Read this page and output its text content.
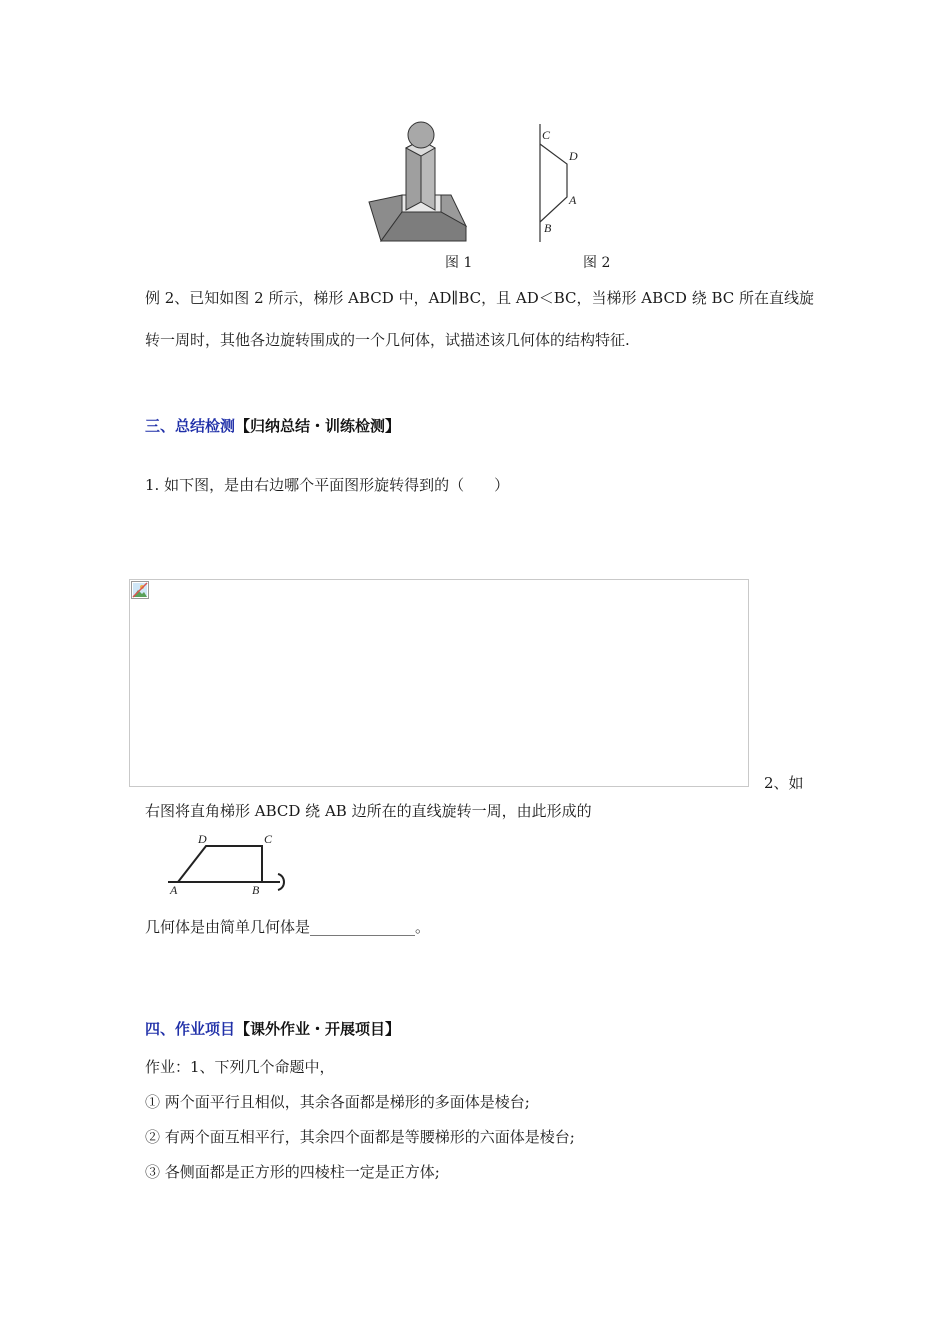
C
D
A
B
图 1	图 2
例 2、已知如图 2 所示，梯形 ABCD 中，AD∥BC，且 AD＜BC，当梯形 ABCD 绕 BC 所在直线旋
转一周时，其他各边旋转围成的一个几何体，试描述该几何体的结构特征.
三、总结检测【归纳总结・训练检测】
1. 如下图，是由右边哪个平面图形旋转得到的（　　）
2、如
右图将直角梯形 ABCD 绕 AB 边所在的直线旋转一周，由此形成的
D	C
A	B
几何体是由简单几何体是______________。
四、作业项目【课外作业・开展项目】
作业：1、下列几个命题中，
① 两个面平行且相似，其余各面都是梯形的多面体是棱台;
② 有两个面互相平行，其余四个面都是等腰梯形的六面体是棱台;
③ 各侧面都是正方形的四棱柱一定是正方体;
